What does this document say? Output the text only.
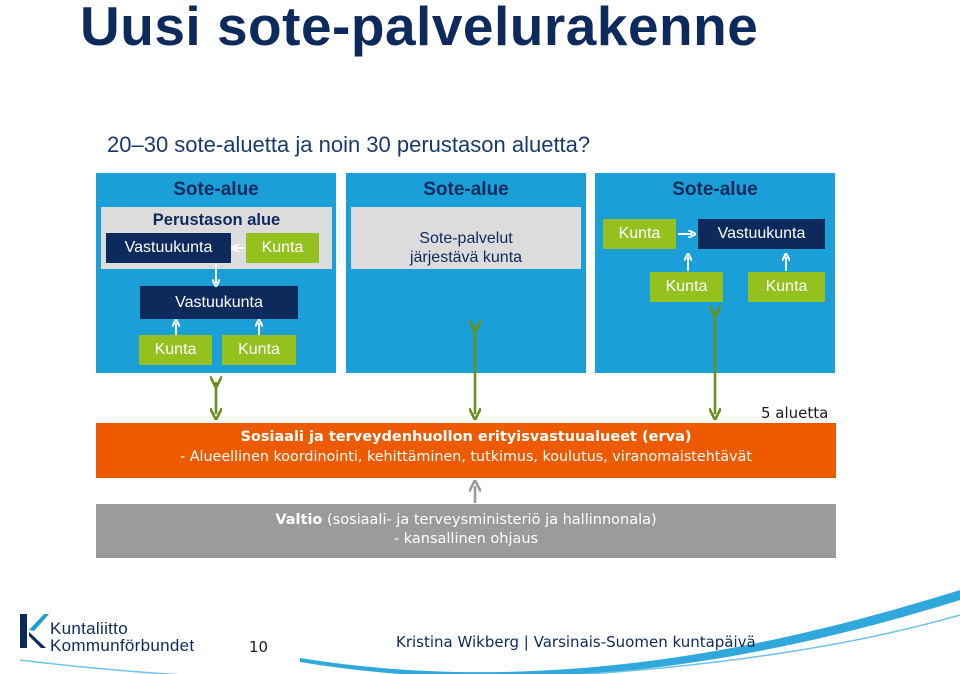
Uusi sote-palvelurakenne
20–30 sote-aluetta ja noin 30 perustason aluetta?
Sote-alue
Perustason alue
Vastuukunta	Kunta
Vastuukunta
Kunta	Kunta
Sote-alue
Sote-palvelut
järjestävä kunta
Sote-alue
Kunta	Vastuukunta
Kunta	Kunta
5 aluetta
Sosiaali ja terveydenhuollon erityisvastuualueet (erva)
- Alueellinen koordinointi, kehittäminen, tutkimus, koulutus, viranomaistehtävät
Valtio (sosiaali- ja terveysministeriö ja hallinnonala)
- kansallinen ohjaus
Kuntaliitto
Kommunförbundet	10	Kristina Wikberg | Varsinais-Suomen kuntapäivä
